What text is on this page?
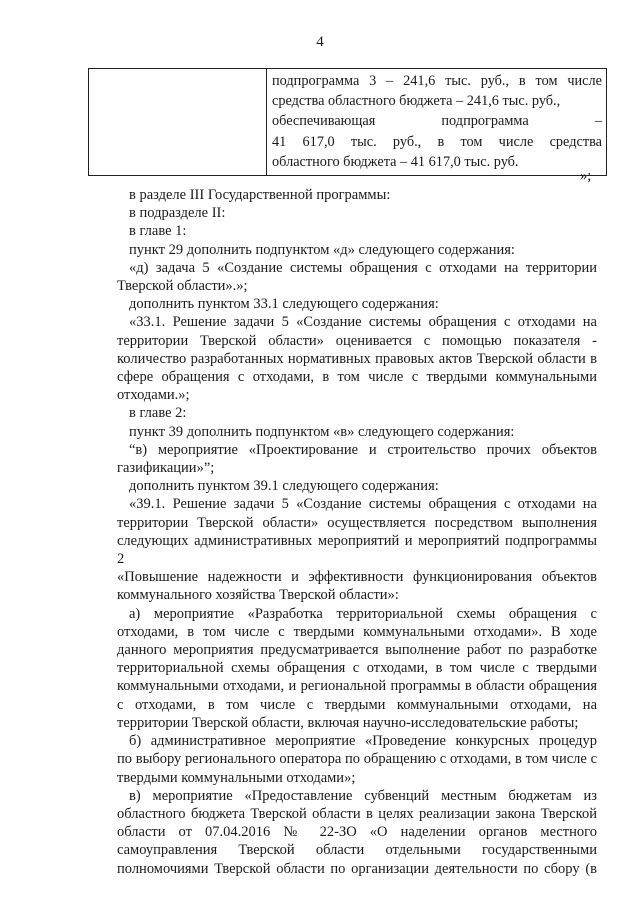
4

подпрограмма 3 – 241,6 тыс. руб., в том числе
средства областного бюджета – 241,6 тыс. руб.,
обеспечивающая подпрограмма –
41 617,0 тыс. руб., в том числе средства
областного бюджета – 41 617,0 тыс. руб.
»;
в разделе III Государственной программы:
в подразделе II:
в главе 1:
пункт 29 дополнить подпунктом «д» следующего содержания:
«д) задача 5 «Создание системы обращения с отходами на территории
Тверской области».»;
дополнить пунктом 33.1 следующего содержания:
«33.1. Решение задачи 5 «Создание системы обращения с отходами на
территории Тверской области» оценивается с помощью показателя -
количество разработанных нормативных правовых актов Тверской области в
сфере обращения с отходами, в том числе с твердыми коммунальными
отходами.»;
в главе 2:
пункт 39 дополнить подпунктом «в» следующего содержания:
“в) мероприятие «Проектирование и строительство прочих объектов
газификации»”;
дополнить пунктом 39.1 следующего содержания:
«39.1. Решение задачи 5 «Создание системы обращения с отходами на
территории Тверской области» осуществляется посредством выполнения
следующих административных мероприятий и мероприятий подпрограммы 2
«Повышение надежности и эффективности функционирования объектов
коммунального хозяйства Тверской области»:
а) мероприятие «Разработка территориальной схемы обращения с
отходами, в том числе с твердыми коммунальными отходами». В ходе
данного мероприятия предусматривается выполнение работ по разработке
территориальной схемы обращения с отходами, в том числе с твердыми
коммунальными отходами, и региональной программы в области обращения
с отходами, в том числе с твердыми коммунальными отходами, на
территории Тверской области, включая научно-исследовательские работы;
б) административное мероприятие «Проведение конкурсных процедур
по выбору регионального оператора по обращению с отходами, в том числе с
твердыми коммунальными отходами»;
в) мероприятие «Предоставление субвенций местным бюджетам из
областного бюджета Тверской области в целях реализации закона Тверской
области от 07.04.2016 № 22-ЗО «О наделении органов местного
самоуправления Тверской области отдельными государственными
полномочиями Тверской области по организации деятельности по сбору (в
